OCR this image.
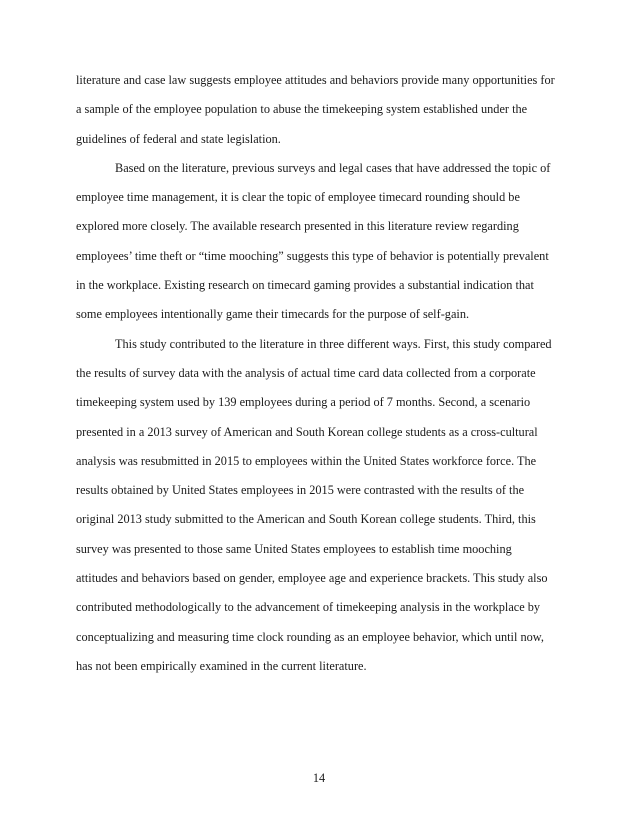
literature and case law suggests employee attitudes and behaviors provide many opportunities for
a sample of the employee population to abuse the timekeeping system established under the
guidelines of federal and state legislation.
Based on the literature, previous surveys and legal cases that have addressed the topic of
employee time management, it is clear the topic of employee timecard rounding should be
explored more closely. The available research presented in this literature review regarding
employees’ time theft or “time mooching” suggests this type of behavior is potentially prevalent
in the workplace. Existing research on timecard gaming provides a substantial indication that
some employees intentionally game their timecards for the purpose of self-gain.
This study contributed to the literature in three different ways. First, this study compared
the results of survey data with the analysis of actual time card data collected from a corporate
timekeeping system used by 139 employees during a period of 7 months. Second, a scenario
presented in a 2013 survey of American and South Korean college students as a cross-cultural
analysis was resubmitted in 2015 to employees within the United States workforce force. The
results obtained by United States employees in 2015 were contrasted with the results of the
original 2013 study submitted to the American and South Korean college students. Third, this
survey was presented to those same United States employees to establish time mooching
attitudes and behaviors based on gender, employee age and experience brackets. This study also
contributed methodologically to the advancement of timekeeping analysis in the workplace by
conceptualizing and measuring time clock rounding as an employee behavior, which until now,
has not been empirically examined in the current literature.
14
